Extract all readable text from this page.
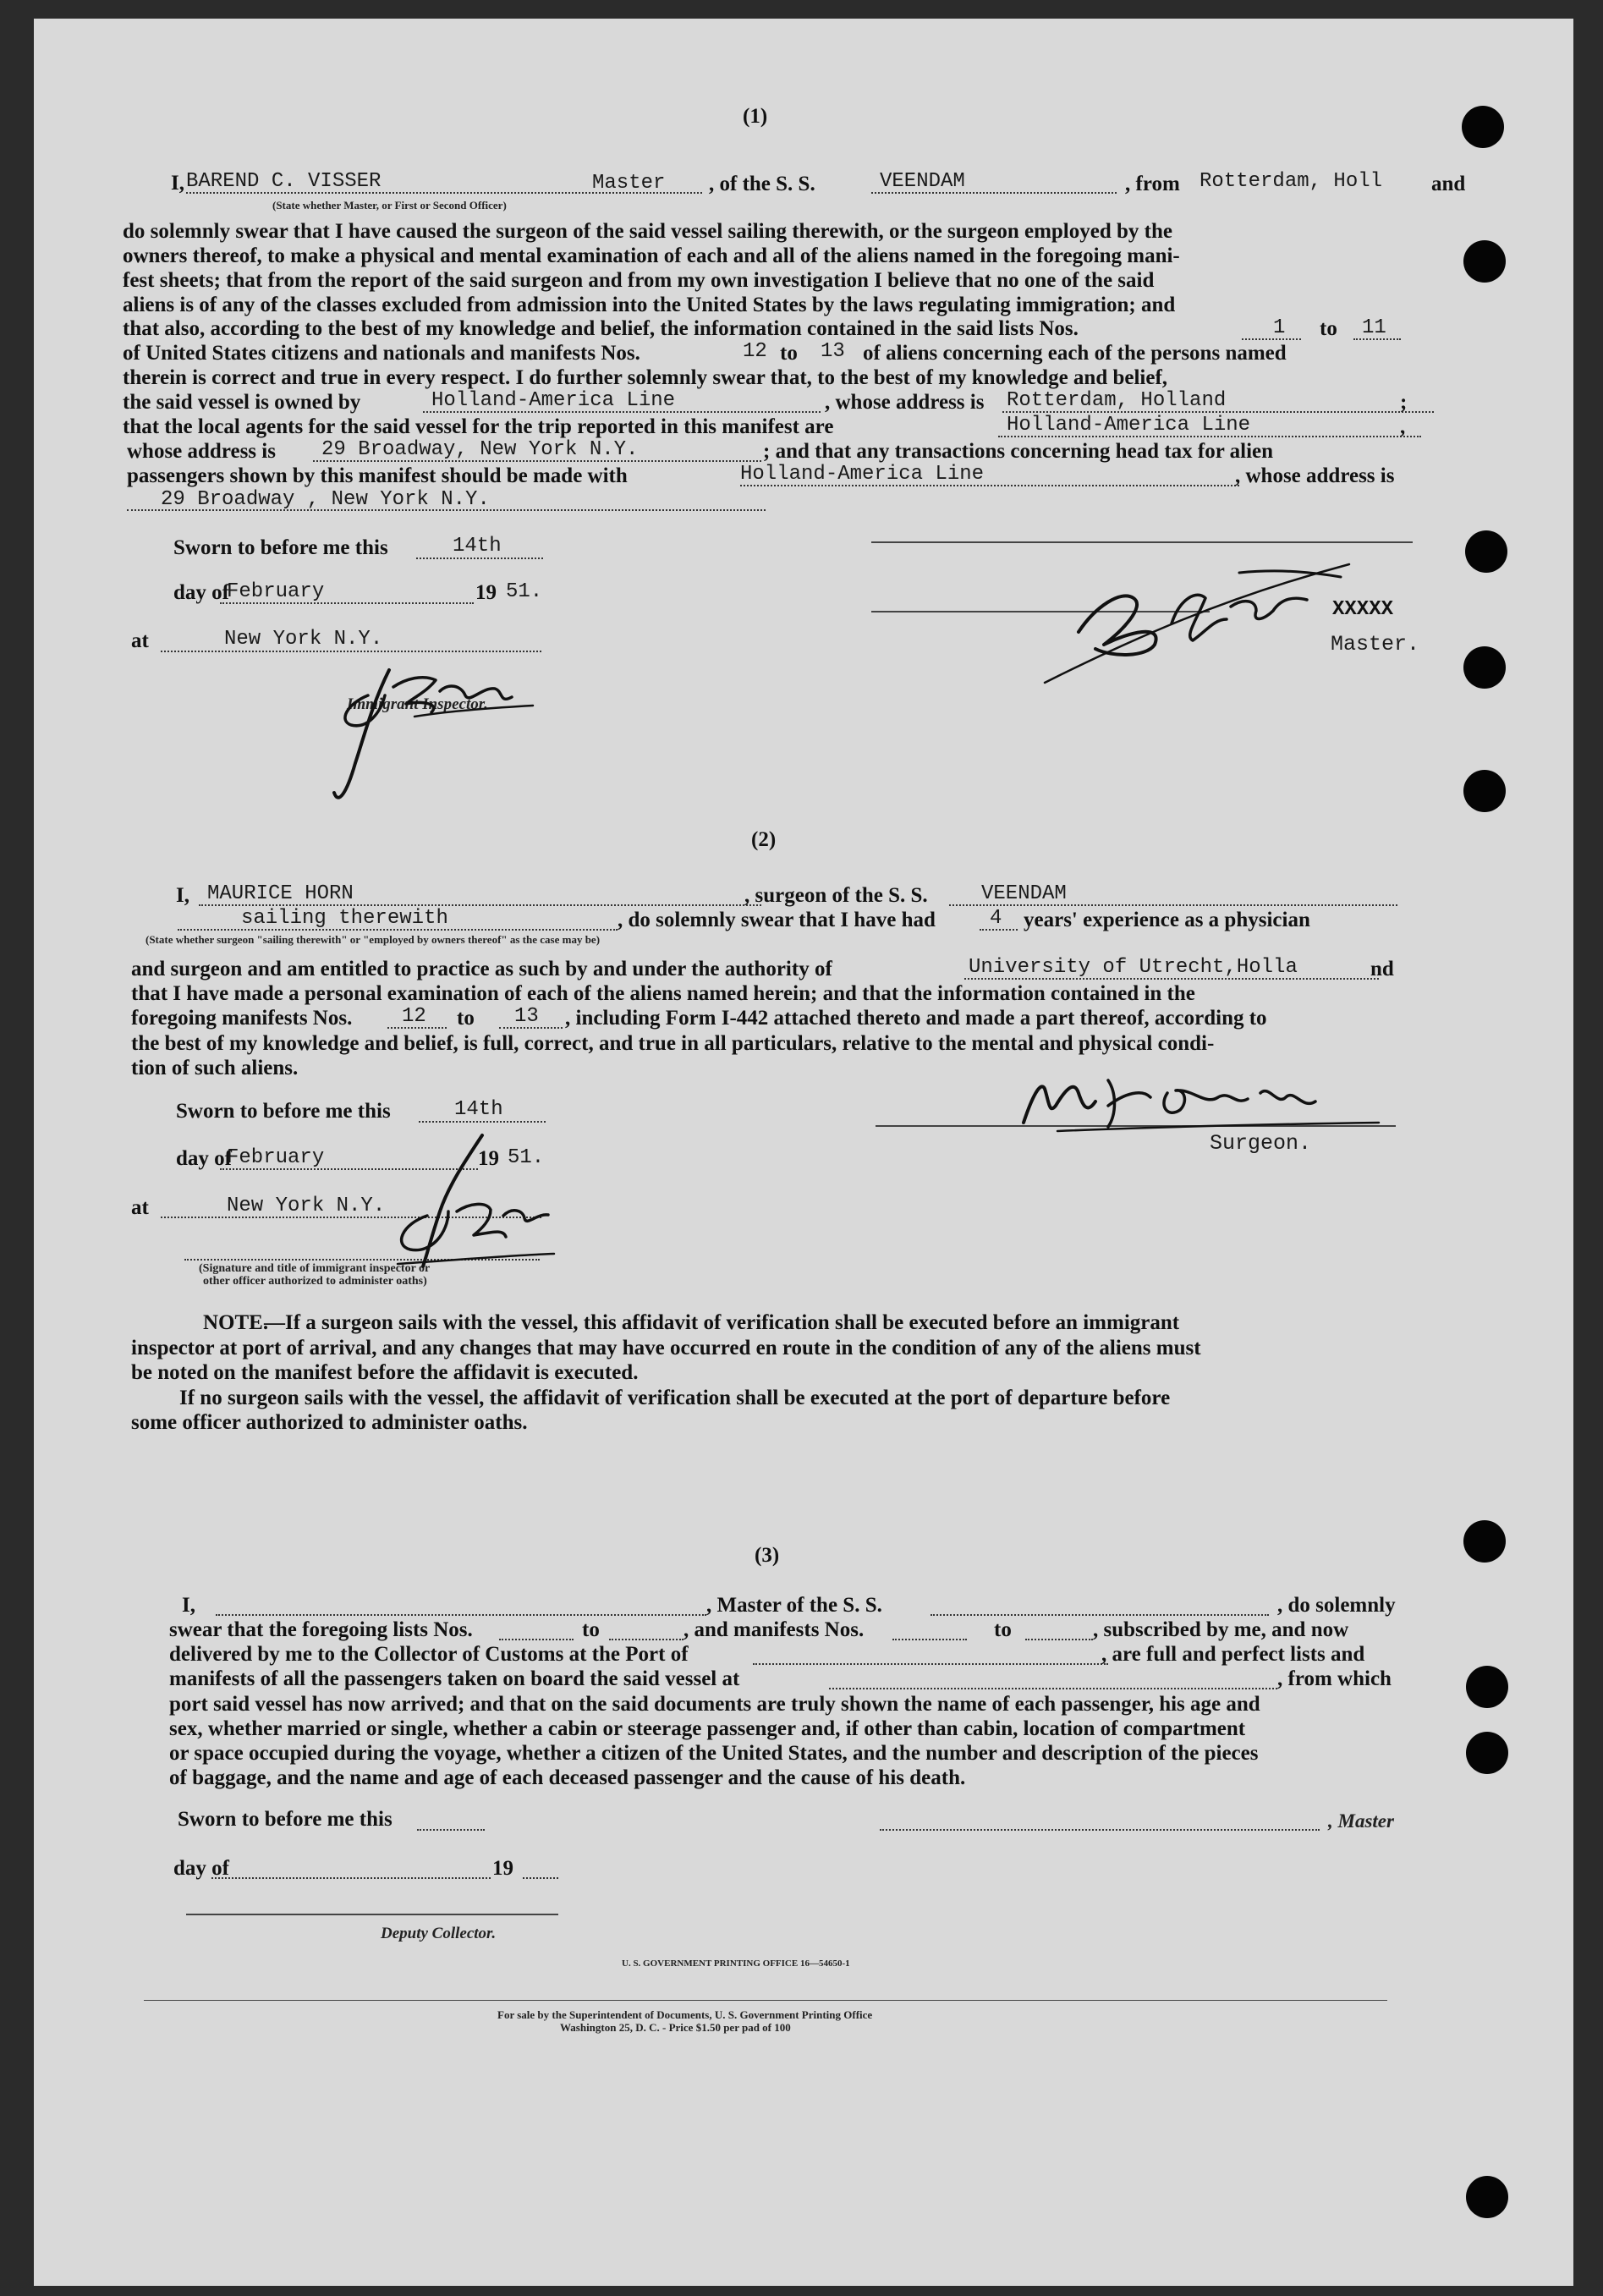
(1)
I, BAREND C. VISSER	Master , of the S. S.	VEENDAM	, from Rotterdam, Holl and
(State whether Master, or First or Second Officer)
do solemnly swear that I have caused the surgeon of the said vessel sailing therewith, or the surgeon employed by the
owners thereof, to make a physical and mental examination of each and all of the aliens named in the foregoing mani-
fest sheets; that from the report of the said surgeon and from my own investigation I believe that no one of the said
aliens is of any of the classes excluded from admission into the United States by the laws regulating immigration; and
that also, according to the best of my knowledge and belief, the information contained in the said lists Nos.	1 to 11
of United States citizens and nationals and manifests Nos.	12 to 13 of aliens concerning each of the persons named
therein is correct and true in every respect. I do further solemnly swear that, to the best of my knowledge and belief,
the said vessel is owned by	Holland-America Line	, whose address is Rotterdam, Holland	;
that the local agents for the said vessel for the trip reported in this manifest are	Holland-America Line	,
whose address is 29 Broadway, New York N.Y.	; and that any transactions concerning head tax for alien
passengers shown by this manifest should be made with	Holland-America Line	, whose address is
29 Broadway , New York N.Y.
Sworn to before me this	14th
day of
February	19 51.
at	New York N.Y.
Immigrant Inspector.
XXXXX
Master.
(2)
I, MAURICE HORN	, surgeon of the S. S.	VEENDAM
sailing therewith	, do solemnly swear that I have had	4 years' experience as a physician
(State whether surgeon "sailing therewith" or "employed by owners thereof" as the case may be)
and surgeon and am entitled to practice as such by and under the authority of	University of Utrecht,Holla	nd
that I have made a personal examination of each of the aliens named herein; and that the information contained in the
foregoing manifests Nos. 12 to 13 , including Form I-442 attached thereto and made a part thereof, according to
the best of my knowledge and belief, is full, correct, and true in all particulars, relative to the mental and physical condi-
tion of such aliens.
Sworn to before me this	14th
day of
February	19 51.
at	New York N.Y.
(Signature and title of immigrant inspector or
other officer authorized to administer oaths)
Surgeon.
NOTE.
—If a surgeon sails with the vessel, this affidavit of verification shall be executed before an immigrant
inspector at port of arrival, and any changes that may have occurred en route in the condition of any of the aliens must
be noted on the manifest before the affidavit is executed.
If no surgeon sails with the vessel, the affidavit of verification shall be executed at the port of departure before
some officer authorized to administer oaths.
(3)
I,	, Master of the S. S.	, do solemnly
swear that the foregoing lists Nos.	to	, and manifests Nos.	to	, subscribed by me, and now
delivered by me to the Collector of Customs at the Port of	, are full and perfect lists and
manifests of all the passengers taken on board the said vessel at	, from which
port said vessel has now arrived; and that on the said documents are truly shown the name of each passenger, his age and
sex, whether married or single, whether a cabin or steerage passenger and, if other than cabin, location of compartment
or space occupied during the voyage, whether a citizen of the United States, and the number and description of the pieces
of baggage, and the name and age of each deceased passenger and the cause of his death.
Sworn to before me this	, Master
day of	19
Deputy Collector.
U. S. GOVERNMENT PRINTING OFFICE 16—54650-1
For sale by the Superintendent of Documents, U. S. Government Printing Office
Washington 25, D. C. - Price $1.50 per pad of 100
